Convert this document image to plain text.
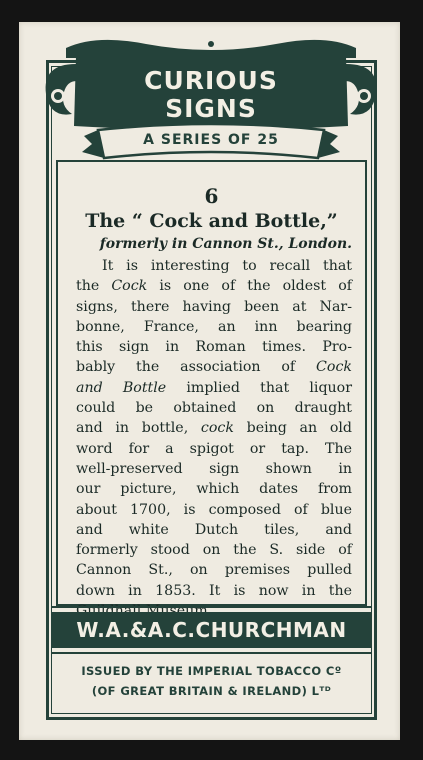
CURIOUS
SIGNS
A SERIES OF 25
6
The “ Cock and Bottle,”
formerly in Cannon St., London.
It is interesting to recall that
the Cock is one of the oldest of
signs, there having been at Nar-
bonne, France, an inn bearing
this sign in Roman times. Pro-
bably the association of Cock
and Bottle implied that liquor
could be obtained on draught
and in bottle, cock being an old
word for a spigot or tap. The
well-preserved sign shown in
our picture, which dates from
about 1700, is composed of blue
and white Dutch tiles, and
formerly stood on the S. side of
Cannon St., on premises pulled
down in 1853. It is now in the
W.A.&A.C.CHURCHMAN
ISSUED BY THE IMPERIAL TOBACCO Cº
(OF GREAT BRITAIN & IRELAND) Lᵀᴰ
